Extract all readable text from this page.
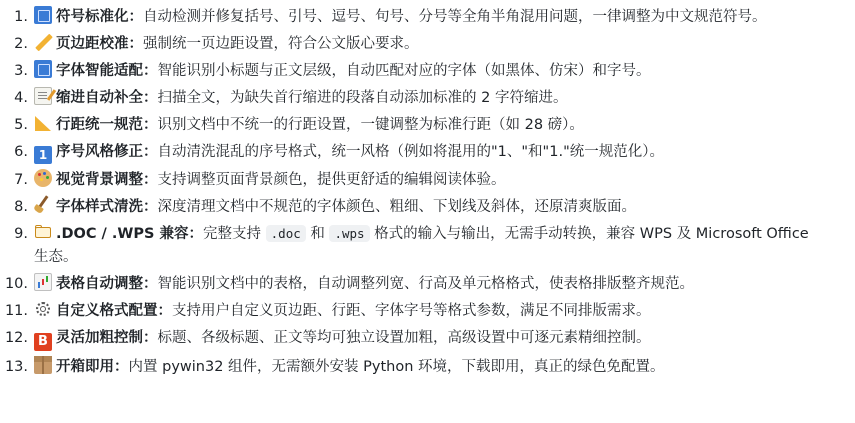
1.	符号标准化：自动检测并修复括号、引号、逗号、句号、分号等全角半角混用问题，一律调整为中文规范符号。
2.	页边距校准：强制统一页边距设置，符合公文版心要求。
3.	字体智能适配：智能识别小标题与正文层级，自动匹配对应的字体（如黑体、仿宋）和字号。
4.	缩进自动补全：扫描全文，为缺失首行缩进的段落自动添加标准的 2 字符缩进。
5.	行距统一规范：识别文档中不统一的行距设置，一键调整为标准行距（如 28 磅）。
6. 1 序号风格修正：自动清洗混乱的序号格式，统一风格（例如将混用的"1、"和"1."统一规范化）。
7.	视觉背景调整：支持调整页面背景颜色，提供更舒适的编辑阅读体验。
8.	字体样式清洗：深度清理文档中不规范的字体颜色、粗细、下划线及斜体，还原清爽版面。
9.	.DOC / .WPS 兼容：完整支持 .doc 和 .wps 格式的输入与输出，无需手动转换，兼容 WPS 及 Microsoft Office 生态。
10.	表格自动调整：智能识别文档中的表格，自动调整列宽、行高及单元格格式，使表格排版整齐规范。
11.	自定义格式配置：支持用户自定义页边距、行距、字体字号等格式参数，满足不同排版需求。
12. B 灵活加粗控制：标题、各级标题、正文等均可独立设置加粗，高级设置中可逐元素精细控制。
13.	开箱即用：内置 pywin32 组件，无需额外安装 Python 环境，下载即用，真正的绿色免配置。
